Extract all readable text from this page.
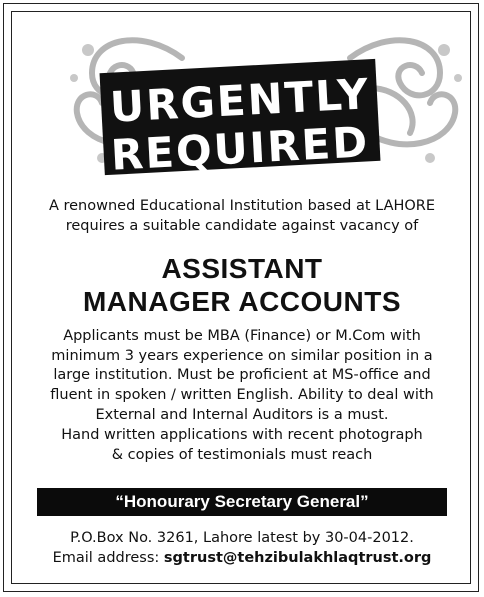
URGENTLY
REQUIRED
A renowned Educational Institution based at LAHORE
requires a suitable candidate against vacancy of
ASSISTANT
MANAGER ACCOUNTS
Applicants must be MBA (Finance) or M.Com with
minimum 3 years experience on similar position in a
large institution. Must be proficient at MS-office and
fluent in spoken / written English. Ability to deal with
External and Internal Auditors is a must.
Hand written applications with recent photograph
& copies of testimonials must reach
“Honourary Secretary General”
P.O.Box No. 3261, Lahore latest by 30-04-2012.
Email address: sgtrust@tehzibulakhlaqtrust.org
